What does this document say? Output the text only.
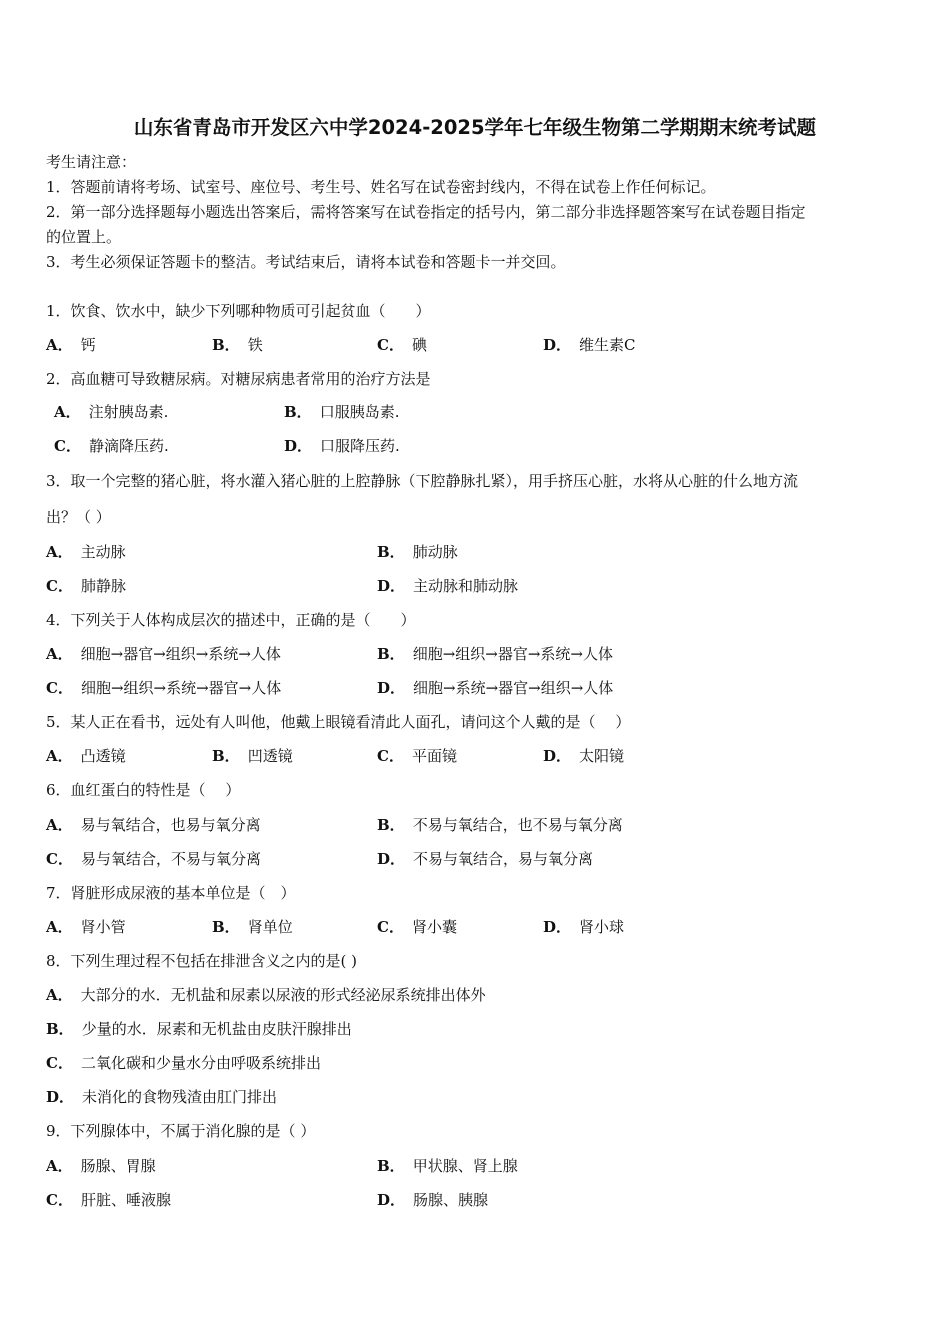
山东省青岛市开发区六中学2024-2025学年七年级生物第二学期期末统考试题
考生请注意：
1．答题前请将考场、试室号、座位号、考生号、姓名写在试卷密封线内，不得在试卷上作任何标记。
2．第一部分选择题每小题选出答案后，需将答案写在试卷指定的括号内，第二部分非选择题答案写在试卷题目指定
的位置上。
3．考生必须保证答题卡的整洁。考试结束后，请将本试卷和答题卡一并交回。
1．饮食、饮水中，缺少下列哪种物质可引起贫血（　　）
A． 钙	B． 铁	C． 碘	D． 维生素C
2．高血糖可导致糖尿病。对糖尿病患者常用的治疗方法是
A． 注射胰岛素.	B． 口服胰岛素.
C． 静滴降压药.	D． 口服降压药.
3．取一个完整的猪心脏，将水灌入猪心脏的上腔静脉（下腔静脉扎紧），用手挤压心脏，水将从心脏的什么地方流
出？（ ）
A． 主动脉	B． 肺动脉
C． 肺静脉	D． 主动脉和肺动脉
4．下列关于人体构成层次的描述中，正确的是（　　）
A． 细胞→器官→组织→系统→人体	B． 细胞→组织→器官→系统→人体
C． 细胞→组织→系统→器官→人体	D． 细胞→系统→器官→组织→人体
5．某人正在看书，远处有人叫他，他戴上眼镜看清此人面孔，请问这个人戴的是（　 ）
A． 凸透镜	B． 凹透镜	C． 平面镜	D． 太阳镜
6．血红蛋白的特性是（　 ）
A． 易与氧结合，也易与氧分离	B． 不易与氧结合，也不易与氧分离
C． 易与氧结合，不易与氧分离	D． 不易与氧结合，易与氧分离
7．肾脏形成尿液的基本单位是（　）
A． 肾小管	B． 肾单位	C． 肾小囊	D． 肾小球
8．下列生理过程不包括在排泄含义之内的是( )
A． 大部分的水．无机盐和尿素以尿液的形式经泌尿系统排出体外
B． 少量的水．尿素和无机盐由皮肤汗腺排出
C． 二氧化碳和少量水分由呼吸系统排出
D． 未消化的食物残渣由肛门排出
9．下列腺体中，不属于消化腺的是（ ）
A． 肠腺、胃腺	B． 甲状腺、肾上腺
C． 肝脏、唾液腺	D． 肠腺、胰腺
